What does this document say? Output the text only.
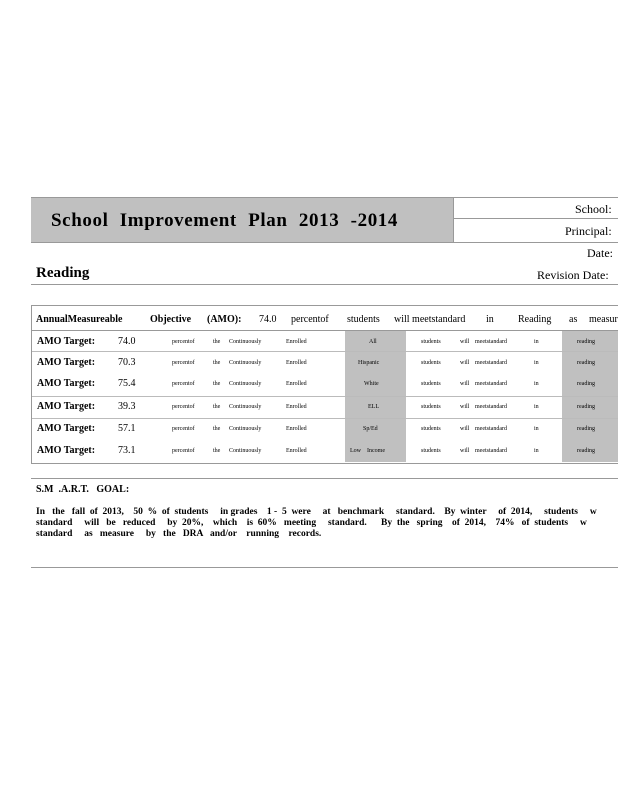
School Improvement Plan 2013 -2014
School:
Principal:
Date:
Revision Date:
Reading
AnnualMeasureable	Objective (AMO): 74.0 percentof students will meetstandard in Reading as measur
AMO Target: 74.0	percentof	the Continuously	Enrolled	All	students	will meetstandard	in	reading
AMO Target: 70.3	percentof	the Continuously	Enrolled	Hispanic	students	will meetstandard	in	reading
AMO Target: 75.4	percentof	the Continuously	Enrolled	White	students	will meetstandard	in	reading
AMO Target: 39.3	percentof	the Continuously	Enrolled	ELL	students	will meetstandard	in	reading
AMO Target: 57.1	percentof	the Continuously	Enrolled	Sp/Ed	students	will meetstandard	in	reading
AMO Target: 73.1	percentof	the Continuously	Enrolled	Low    Income	students	will meetstandard	in	reading
S.M  .A.R.T.   GOAL:
In   the   fall  of  2013,    50  %  of  students     in grades    1 -  5  were     at   benchmark     standard.    By  winter     of  2014,     students     w
standard     will   be   reduced     by  20%,    which    is  60%   meeting     standard.      By  the   spring    of  2014,    74%   of  students     w
standard     as   measure     by   the   DRA   and/or    running    records.
